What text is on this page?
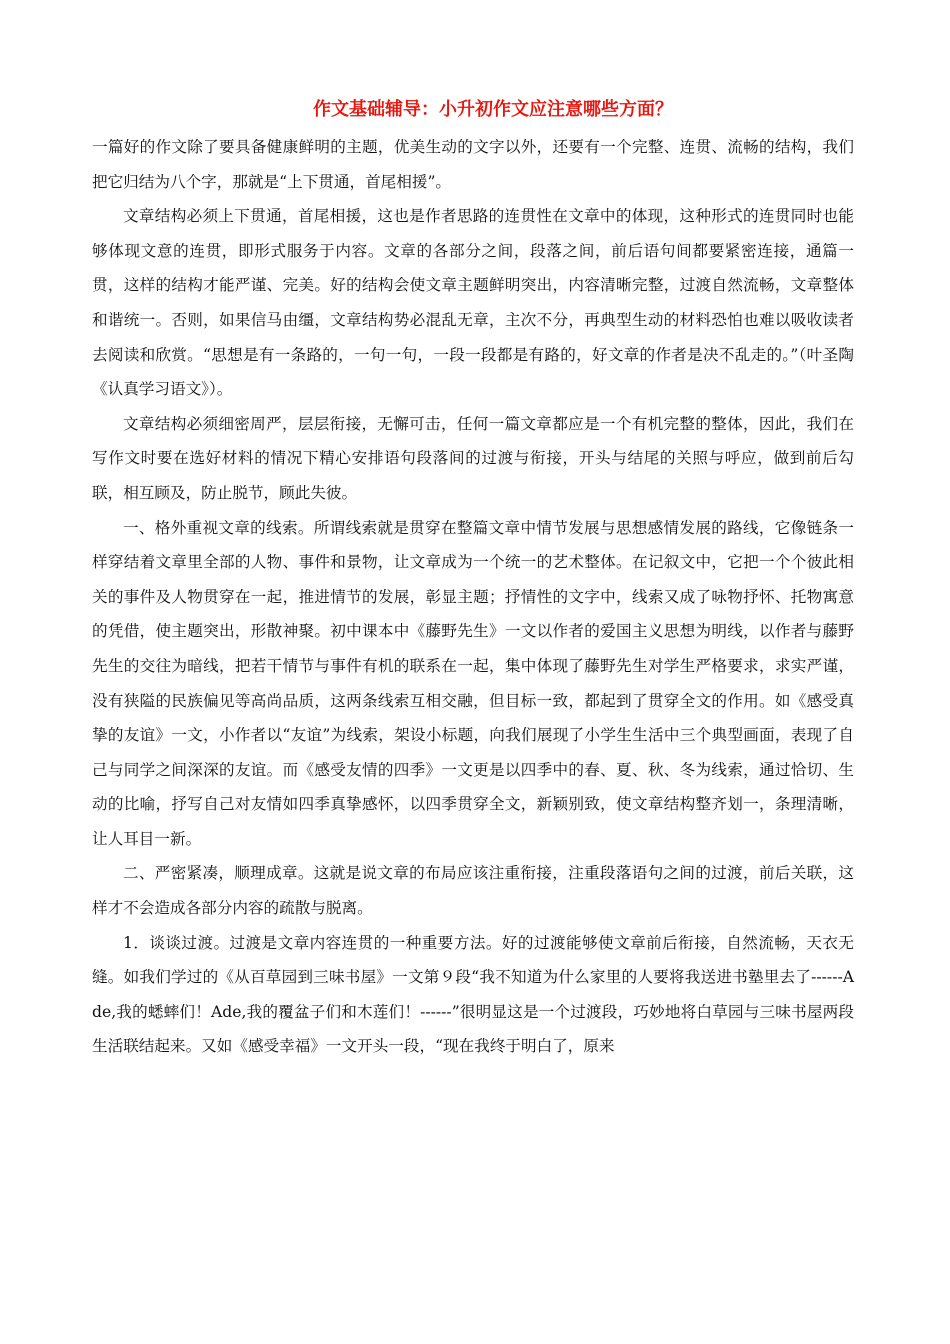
作文基础辅导：小升初作文应注意哪些方面？

一篇好的作文除了要具备健康鲜明的主题，优美生动的文字以外，还要有一个完整、连贯、流畅的结构，我们把它归结为八个字，那就是“上下贯通，首尾相援”。

文章结构必须上下贯通，首尾相援，这也是作者思路的连贯性在文章中的体现，这种形式的连贯同时也能够体现文意的连贯，即形式服务于内容。文章的各部分之间，段落之间，前后语句间都要紧密连接，通篇一贯，这样的结构才能严谨、完美。好的结构会使文章主题鲜明突出，内容清晰完整，过渡自然流畅，文章整体和谐统一。否则，如果信马由缰，文章结构势必混乱无章，主次不分，再典型生动的材料恐怕也难以吸收读者去阅读和欣赏。“思想是有一条路的，一句一句，一段一段都是有路的，好文章的作者是决不乱走的。”（叶圣陶《认真学习语文》）。

文章结构必须细密周严，层层衔接，无懈可击，任何一篇文章都应是一个有机完整的整体，因此，我们在写作文时要在选好材料的情况下精心安排语句段落间的过渡与衔接，开头与结尾的关照与呼应，做到前后勾联，相互顾及，防止脱节，顾此失彼。

一、格外重视文章的线索。所谓线索就是贯穿在整篇文章中情节发展与思想感情发展的路线，它像链条一样穿结着文章里全部的人物、事件和景物，让文章成为一个统一的艺术整体。在记叙文中，它把一个个彼此相关的事件及人物贯穿在一起，推进情节的发展，彰显主题；抒情性的文字中，线索又成了咏物抒怀、托物寓意的凭借，使主题突出，形散神聚。初中课本中《藤野先生》一文以作者的爱国主义思想为明线，以作者与藤野先生的交往为暗线，把若干情节与事件有机的联系在一起，集中体现了藤野先生对学生严格要求，求实严谨，没有狭隘的民族偏见等高尚品质，这两条线索互相交融，但目标一致，都起到了贯穿全文的作用。如《感受真挚的友谊》一文，小作者以“友谊”为线索，架设小标题，向我们展现了小学生生活中三个典型画面，表现了自己与同学之间深深的友谊。而《感受友情的四季》一文更是以四季中的春、夏、秋、冬为线索，通过恰切、生动的比喻，抒写自己对友情如四季真挚感怀，以四季贯穿全文，新颖别致，使文章结构整齐划一，条理清晰，让人耳目一新。

二、严密紧凑，顺理成章。这就是说文章的布局应该注重衔接，注重段落语句之间的过渡，前后关联，这样才不会造成各部分内容的疏散与脱离。

1．谈谈过渡。过渡是文章内容连贯的一种重要方法。好的过渡能够使文章前后衔接，自然流畅，天衣无缝。如我们学过的《从百草园到三味书屋》一文第９段“我不知道为什么家里的人要将我送进书塾里去了------Ade,我的蟋蟀们！Ade,我的覆盆子们和木莲们！------”很明显这是一个过渡段，巧妙地将白草园与三味书屋两段生活联结起来。又如《感受幸福》一文开头一段，“现在我终于明白了，原来
